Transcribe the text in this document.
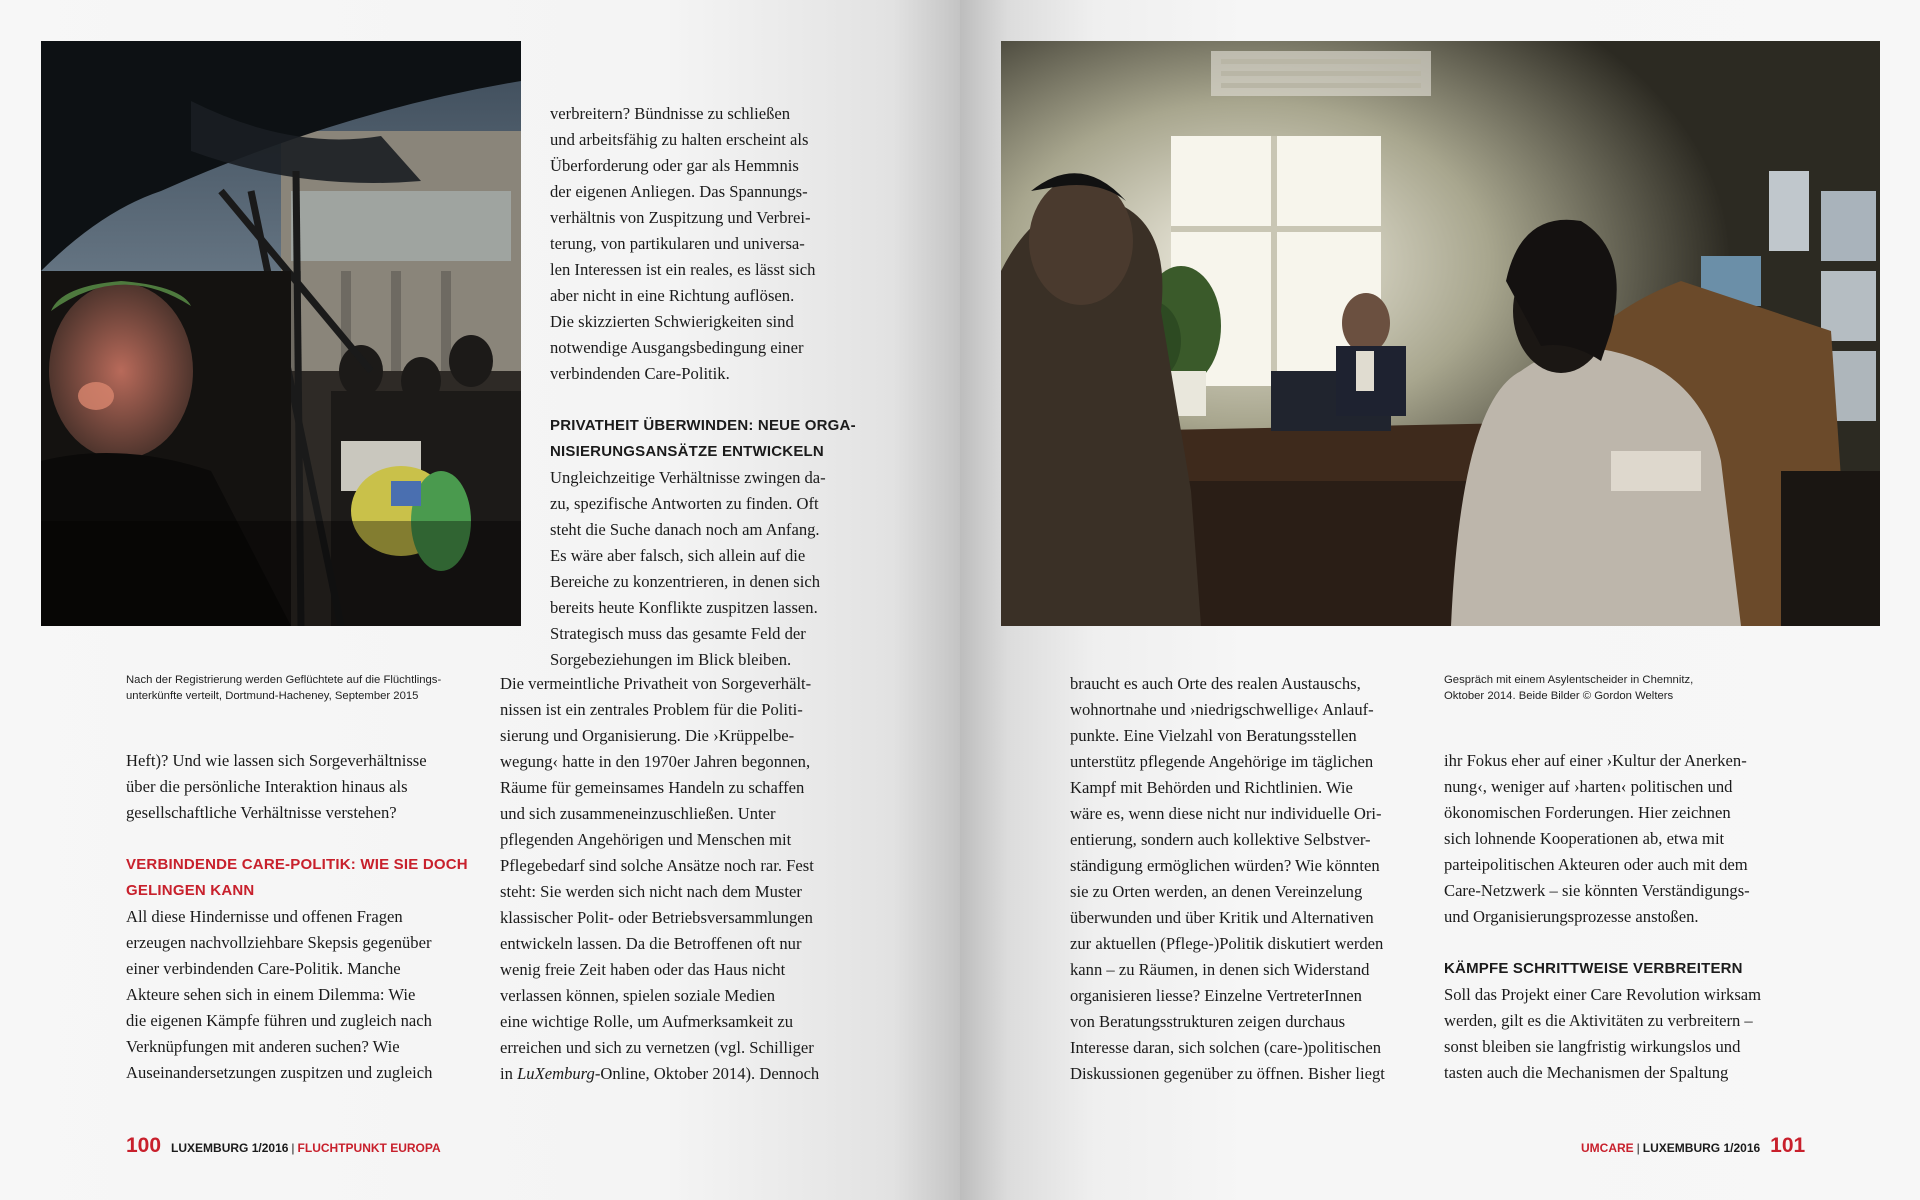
Nach der Registrierung werden Geflüchtete auf die Flüchtlings-
unterkünfte verteilt, Dortmund-Hacheney, September 2015

Heft)? Und wie lassen sich Sorgeverhältnisse
über die persönliche Interaktion hinaus als
gesellschaftliche Verhältnisse verstehen?

VERBINDENDE CARE-POLITIK: WIE SIE DOCH
GELINGEN KANN

All diese Hindernisse und offenen Fragen
erzeugen nachvollziehbare Skepsis gegenüber
einer verbindenden Care-Politik. Manche
Akteure sehen sich in einem Dilemma: Wie
die eigenen Kämpfe führen und zugleich nach
Verknüpfungen mit anderen suchen? Wie
Auseinandersetzungen zuspitzen und zugleich

verbreitern? Bündnisse zu schließen
und arbeitsfähig zu halten erscheint als
Überforderung oder gar als Hemmnis
der eigenen Anliegen. Das Spannungs-
verhältnis von Zuspitzung und Verbrei-
terung, von partikularen und universa-
len Interessen ist ein reales, es lässt sich
aber nicht in eine Richtung auflösen.
Die skizzierten Schwierigkeiten sind
notwendige Ausgangsbedingung einer
verbindenden Care-Politik.

PRIVATHEIT ÜBERWINDEN: NEUE ORGA-
NISIERUNGSANSÄTZE ENTWICKELN

Ungleichzeitige Verhältnisse zwingen da-
zu, spezifische Antworten zu finden. Oft
steht die Suche danach noch am Anfang.
Es wäre aber falsch, sich allein auf die
Bereiche zu konzentrieren, in denen sich
bereits heute Konflikte zuspitzen lassen.
Strategisch muss das gesamte Feld der
Sorgebeziehungen im Blick bleiben.

Die vermeintliche Privatheit von Sorgeverhält-
nissen ist ein zentrales Problem für die Politi-
sierung und Organisierung. Die ›Krüppelbe-
wegung‹ hatte in den 1970er Jahren begonnen,
Räume für gemeinsames Handeln zu schaffen
und sich zusammeneinzuschließen. Unter
pflegenden Angehörigen und Menschen mit
Pflegebedarf sind solche Ansätze noch rar. Fest
steht: Sie werden sich nicht nach dem Muster
klassischer Polit- oder Betriebsversammlungen
entwickeln lassen. Da die Betroffenen oft nur
wenig freie Zeit haben oder das Haus nicht
verlassen können, spielen soziale Medien
eine wichtige Rolle, um Aufmerksamkeit zu
erreichen und sich zu vernetzen (vgl. Schilliger
in LuXemburg-Online, Oktober 2014). Dennoch

100 LUXEMBURG 1/2016 | FLUCHTPUNKT EUROPA
Gespräch mit einem Asylentscheider in Chemnitz,
Oktober 2014. Beide Bilder © Gordon Welters

braucht es auch Orte des realen Austauschs,
wohnortnahe und ›niedrigschwellige‹ Anlauf-
punkte. Eine Vielzahl von Beratungsstellen
unterstütz pflegende Angehörige im täglichen
Kampf mit Behörden und Richtlinien. Wie
wäre es, wenn diese nicht nur individuelle Ori-
entierung, sondern auch kollektive Selbstver-
ständigung ermöglichen würden? Wie könnten
sie zu Orten werden, an denen Vereinzelung
überwunden und über Kritik und Alternativen
zur aktuellen (Pflege-)Politik diskutiert werden
kann – zu Räumen, in denen sich Widerstand
organisieren liesse? Einzelne VertreterInnen
von Beratungsstrukturen zeigen durchaus
Interesse daran, sich solchen (care-)politischen
Diskussionen gegenüber zu öffnen. Bisher liegt

ihr Fokus eher auf einer ›Kultur der Anerken-
nung‹, weniger auf ›harten‹ politischen und
ökonomischen Forderungen. Hier zeichnen
sich lohnende Kooperationen ab, etwa mit
parteipolitischen Akteuren oder auch mit dem
Care-Netzwerk – sie könnten Verständigungs-
und Organisierungsprozesse anstoßen.

KÄMPFE SCHRITTWEISE VERBREITERN

Soll das Projekt einer Care Revolution wirksam
werden, gilt es die Aktivitäten zu verbreitern –
sonst bleiben sie langfristig wirkungslos und
tasten auch die Mechanismen der Spaltung

UMCARE | LUXEMBURG 1/2016 101
